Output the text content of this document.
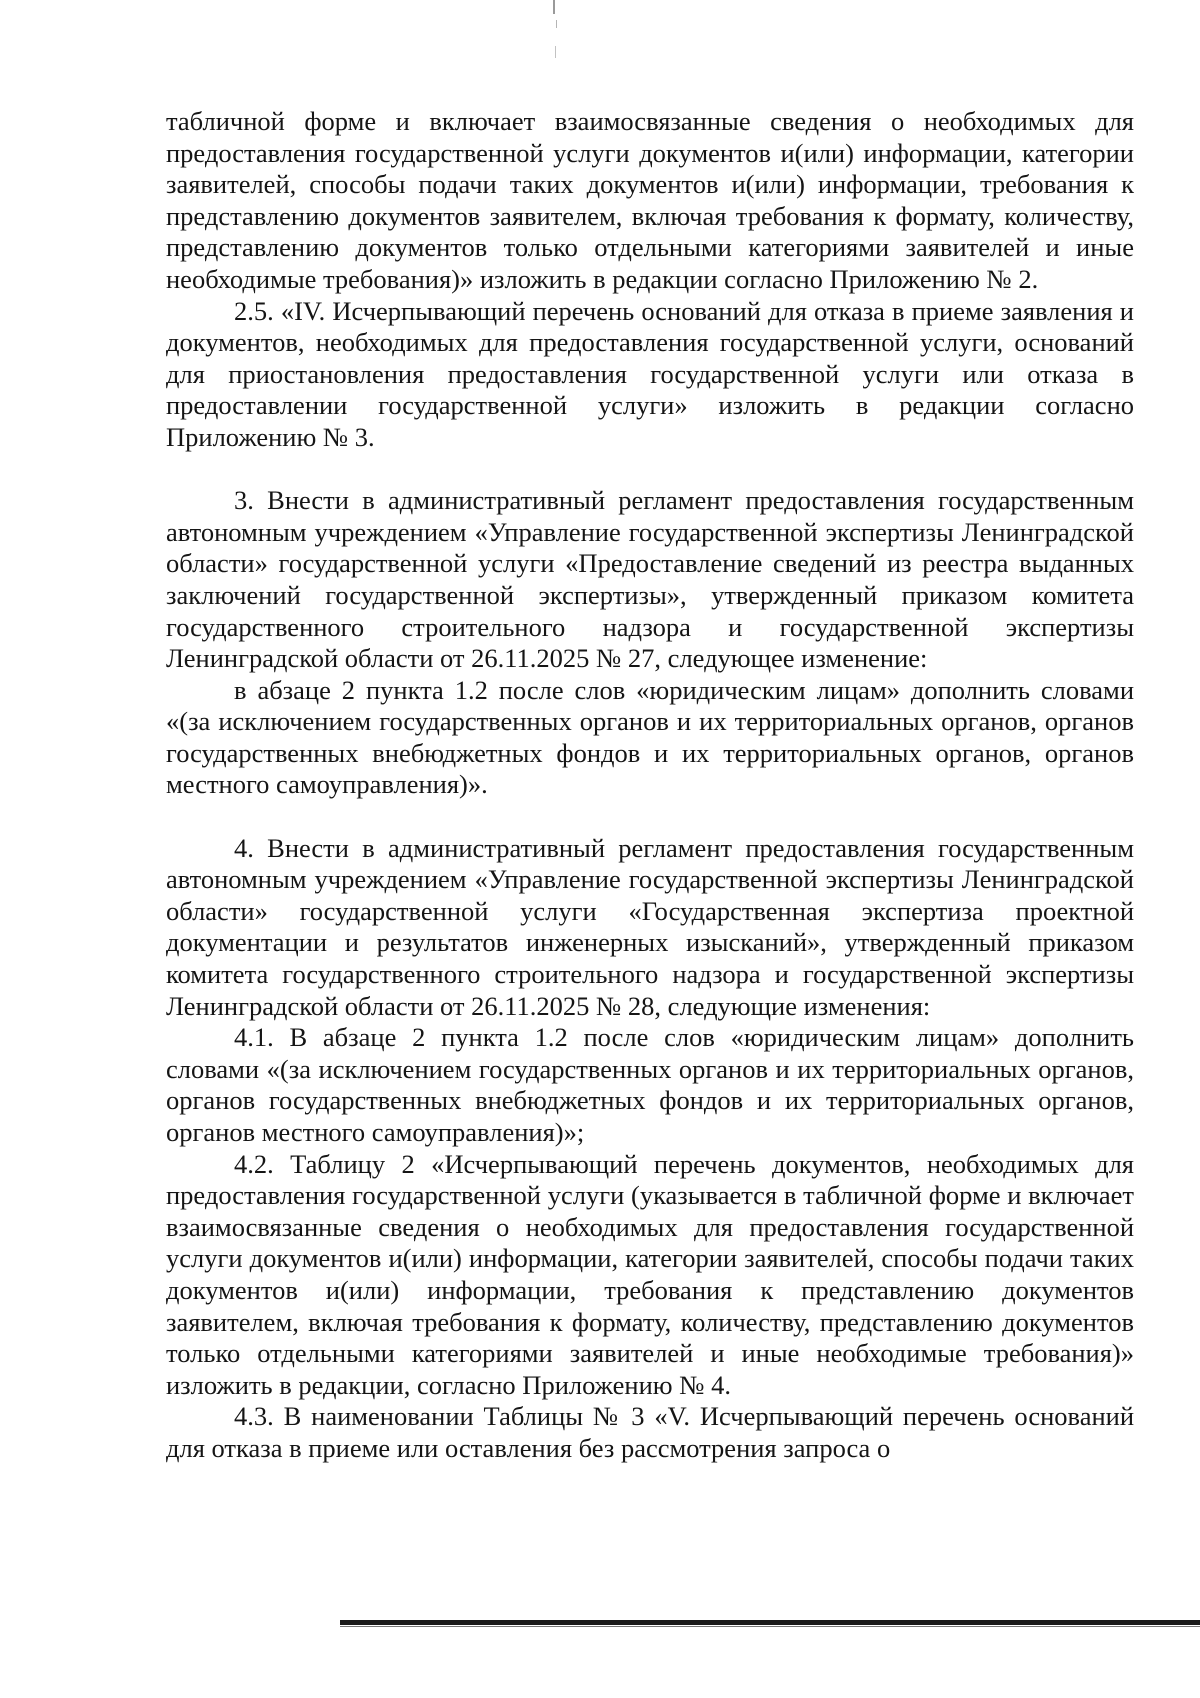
табличной форме и включает взаимосвязанные сведения о необходимых для предоставления государственной услуги документов и(или) информации, категории заявителей, способы подачи таких документов и(или) информации, требования к представлению документов заявителем, включая требования к формату, количеству, представлению документов только отдельными категориями заявителей и иные необходимые требования)» изложить в редакции согласно Приложению № 2.

2.5. «IV. Исчерпывающий перечень оснований для отказа в приеме заявления и документов, необходимых для предоставления государственной услуги, оснований для приостановления предоставления государственной услуги или отказа в предоставлении государственной услуги» изложить в редакции согласно Приложению № 3.

3. Внести в административный регламент предоставления государственным автономным учреждением «Управление государственной экспертизы Ленинградской области» государственной услуги «Предоставление сведений из реестра выданных заключений государственной экспертизы», утвержденный приказом комитета государственного строительного надзора и государственной экспертизы Ленинградской области от 26.11.2025 № 27, следующее изменение:

в абзаце 2 пункта 1.2 после слов «юридическим лицам» дополнить словами «(за исключением государственных органов и их территориальных органов, органов государственных внебюджетных фондов и их территориальных органов, органов местного самоуправления)».

4. Внести в административный регламент предоставления государственным автономным учреждением «Управление государственной экспертизы Ленинградской области» государственной услуги «Государственная экспертиза проектной документации и результатов инженерных изысканий», утвержденный приказом комитета государственного строительного надзора и государственной экспертизы Ленинградской области от 26.11.2025 № 28, следующие изменения:

4.1. В абзаце 2 пункта 1.2 после слов «юридическим лицам» дополнить словами «(за исключением государственных органов и их территориальных органов, органов государственных внебюджетных фондов и их территориальных органов, органов местного самоуправления)»;

4.2. Таблицу 2 «Исчерпывающий перечень документов, необходимых для предоставления государственной услуги (указывается в табличной форме и включает взаимосвязанные сведения о необходимых для предоставления государственной услуги документов и(или) информации, категории заявителей, способы подачи таких документов и(или) информации, требования к представлению документов заявителем, включая требования к формату, количеству, представлению документов только отдельными категориями заявителей и иные необходимые требования)» изложить в редакции, согласно Приложению № 4.

4.3. В наименовании Таблицы № 3 «V. Исчерпывающий перечень оснований для отказа в приеме или оставления без рассмотрения запроса о
